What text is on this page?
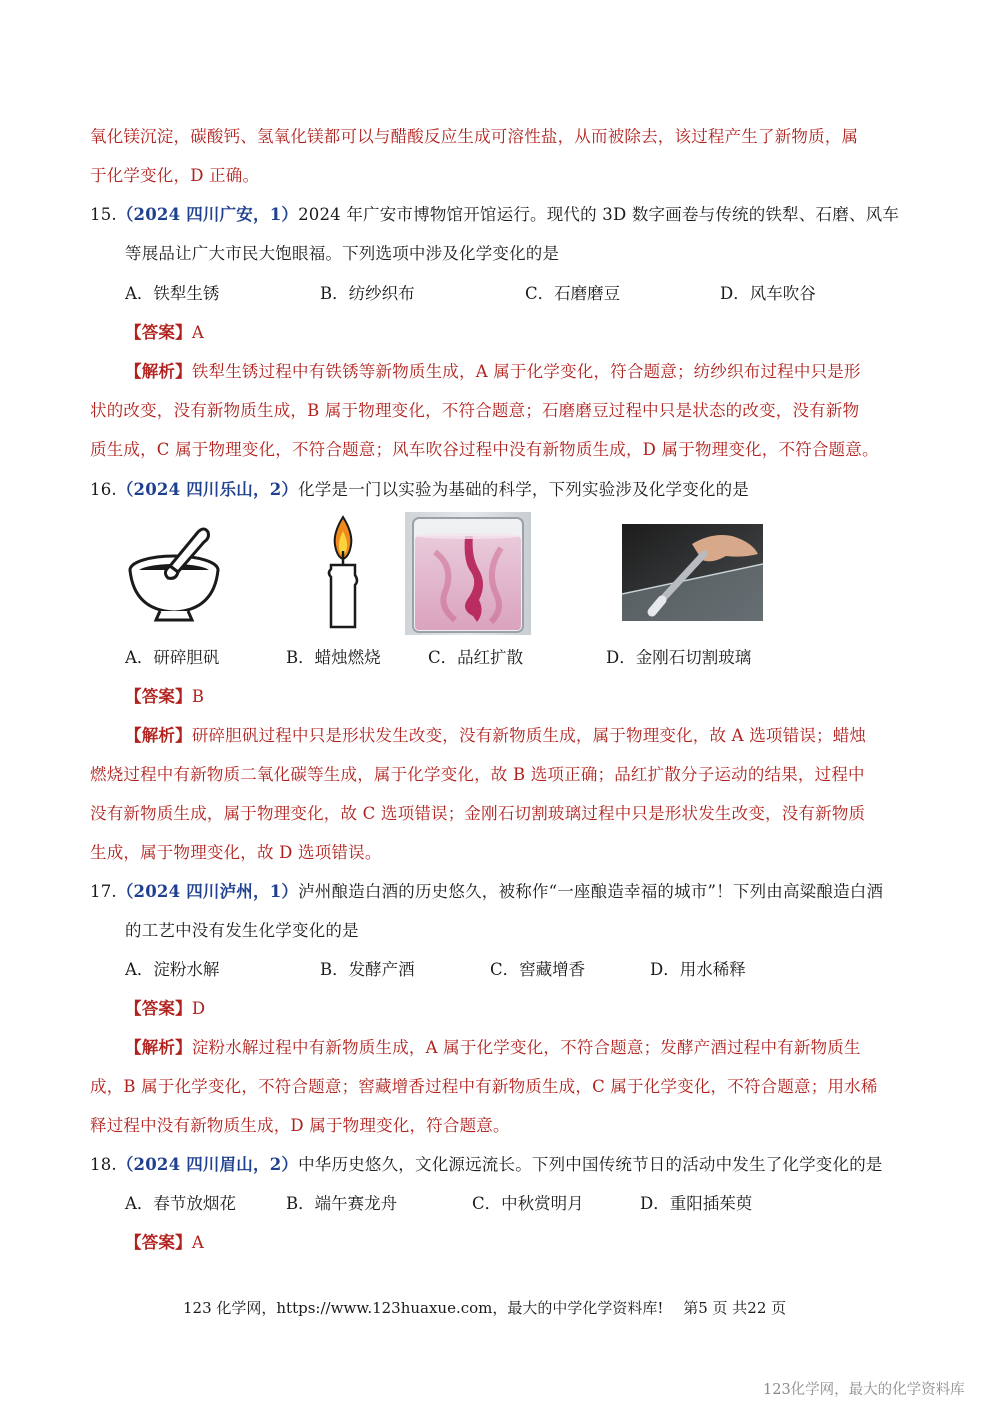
氧化镁沉淀，碳酸钙、氢氧化镁都可以与醋酸反应生成可溶性盐，从而被除去，该过程产生了新物质，属
于化学变化，D 正确。
15.（2024 四川广安，1）2024 年广安市博物馆开馆运行。现代的 3D 数字画卷与传统的铁犁、石磨、风车
等展品让广大市民大饱眼福。下列选项中涉及化学变化的是
A．铁犁生锈	B．纺纱织布	C．石磨磨豆	D．风车吹谷
【答案】A
【解析】铁犁生锈过程中有铁锈等新物质生成，A 属于化学变化，符合题意；纺纱织布过程中只是形
状的改变，没有新物质生成，B 属于物理变化，不符合题意；石磨磨豆过程中只是状态的改变，没有新物
质生成，C 属于物理变化，不符合题意；风车吹谷过程中没有新物质生成，D 属于物理变化，不符合题意。
16.（2024 四川乐山，2）化学是一门以实验为基础的科学，下列实验涉及化学变化的是
A．研碎胆矾	B．蜡烛燃烧	C．品红扩散	D．金刚石切割玻璃
【答案】B
【解析】研碎胆矾过程中只是形状发生改变，没有新物质生成，属于物理变化，故 A 选项错误；蜡烛
燃烧过程中有新物质二氧化碳等生成，属于化学变化，故 B 选项正确；品红扩散分子运动的结果，过程中
没有新物质生成，属于物理变化，故 C 选项错误；金刚石切割玻璃过程中只是形状发生改变，没有新物质
生成，属于物理变化，故 D 选项错误。
17.（2024 四川泸州，1）泸州酿造白酒的历史悠久，被称作“一座酿造幸福的城市”！下列由高粱酿造白酒
的工艺中没有发生化学变化的是
A．淀粉水解	B．发酵产酒	C．窖藏增香	D．用水稀释
【答案】D
【解析】淀粉水解过程中有新物质生成，A 属于化学变化，不符合题意；发酵产酒过程中有新物质生
成，B 属于化学变化，不符合题意；窖藏增香过程中有新物质生成，C 属于化学变化，不符合题意；用水稀
释过程中没有新物质生成，D 属于物理变化，符合题意。
18.（2024 四川眉山，2）中华历史悠久，文化源远流长。下列中国传统节日的活动中发生了化学变化的是
A．春节放烟花	B．端午赛龙舟	C．中秋赏明月	D．重阳插茱萸
【答案】A
123 化学网，https://www.123huaxue.com，最大的中学化学资料库!　 第5 页 共22 页
123化学网，最大的化学资料库
